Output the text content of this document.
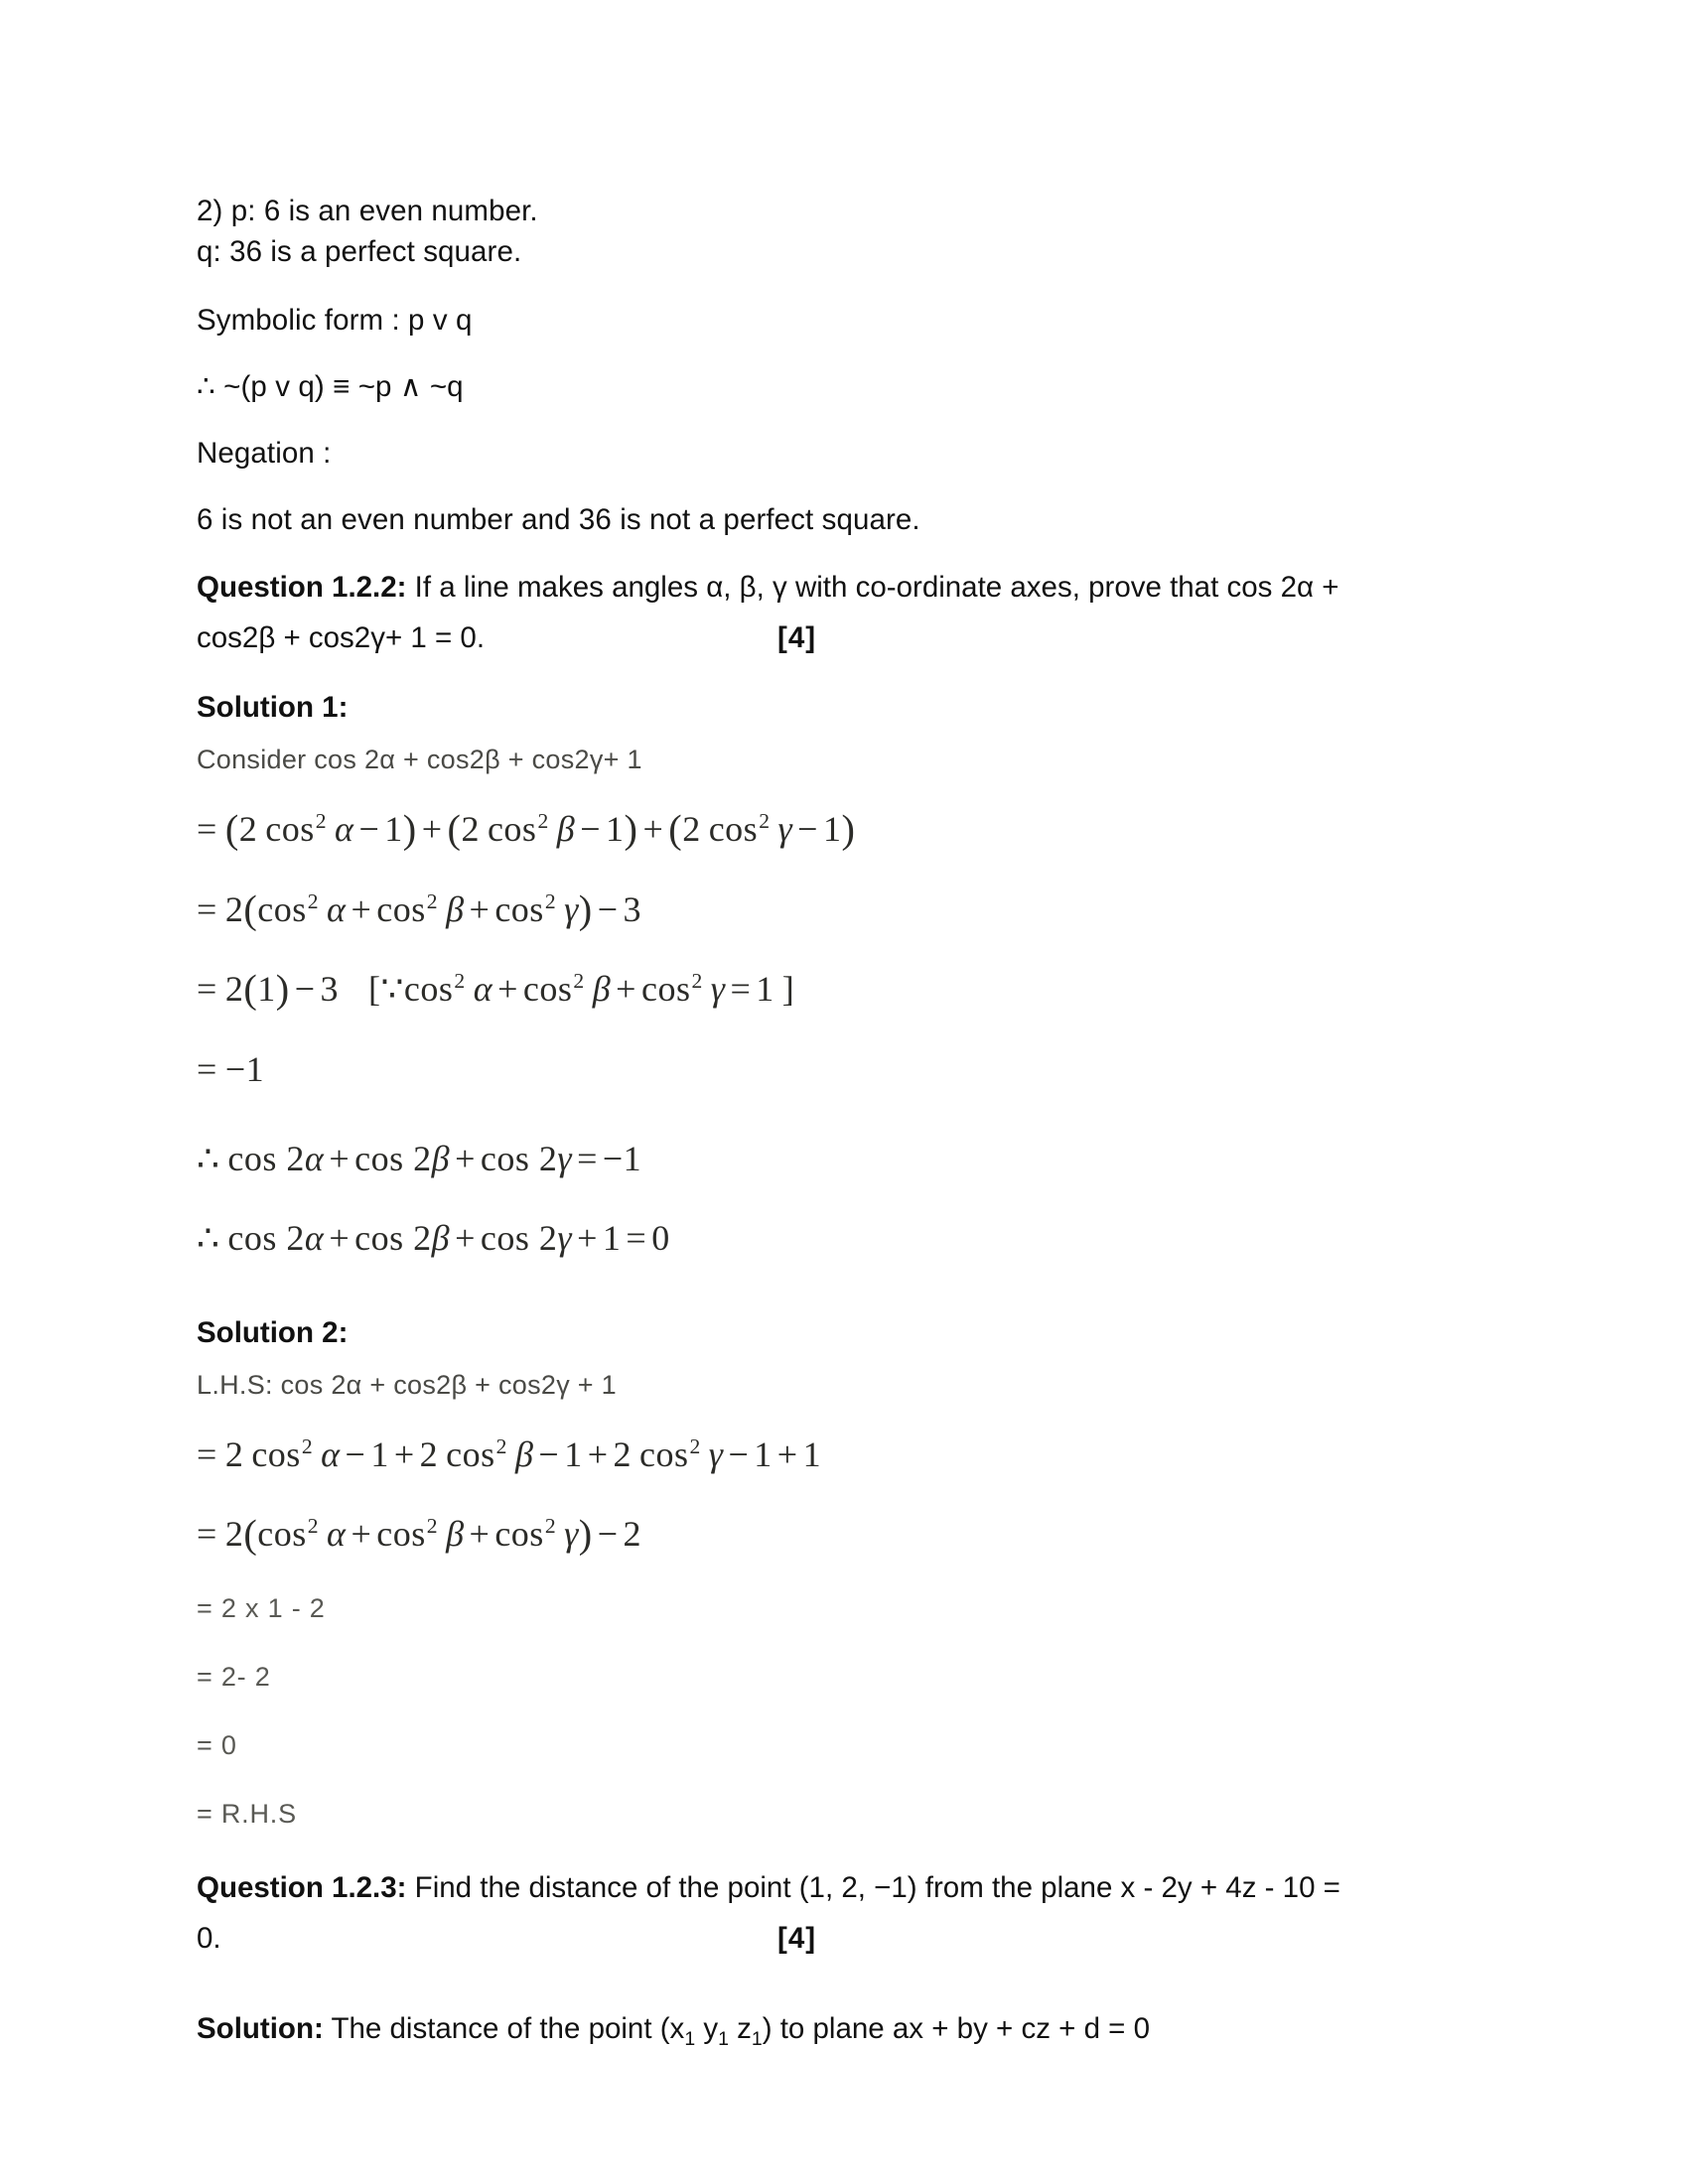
2) p: 6 is an even number.

q: 36 is a perfect square.

Symbolic form : p v q

∴ ~(p v q) ≡ ~p ∧ ~q

Negation :

6 is not an even number and 36 is not a perfect square.

Question 1.2.2: If a line makes angles α, β, γ with co-ordinate axes, prove that cos 2α +
cos2β + cos2γ+ 1 = 0.	[4]
Solution 1:

Consider cos 2α + cos2β + cos2γ+ 1

= (2 $\cos^2 \alpha - 1) + (2$ $\cos^2 \beta - 1) + (2$ $\cos^2 \gamma - 1$)
= $2(\cos^2$ $\alpha + \cos^2 \beta + \cos^2 \gamma) - 3$
= 2(1) − 3 [$\because\cos^2$ $\alpha + \cos^2 \beta + \cos^2 \gamma = 1$ ]
= −1
∴ cos 2α + cos 2β + cos 2γ = −1
∴ cos 2α + cos 2β + cos 2γ + 1 = 0
Solution 2:

L.H.S: cos 2α + cos2β + cos2γ + 1

= 2 $\cos^2 \alpha - 1 + 2$ $\cos^2 \beta - 1 + 2$ $\cos^2 \gamma - 1 + 1$
= $2(\cos^2$ $\alpha + \cos^2 \beta + \cos^2 \gamma) - 2$

= 2 x 1 - 2

= 2- 2

= 0

= R.H.S

Question 1.2.3: Find the distance of the point (1, 2, −1) from the plane x - 2y + 4z - 10 =
0.	[4]
Solution: The distance of the point ($x_1$ $y_1$ $z_1$) to plane ax + by + cz + d = 0
